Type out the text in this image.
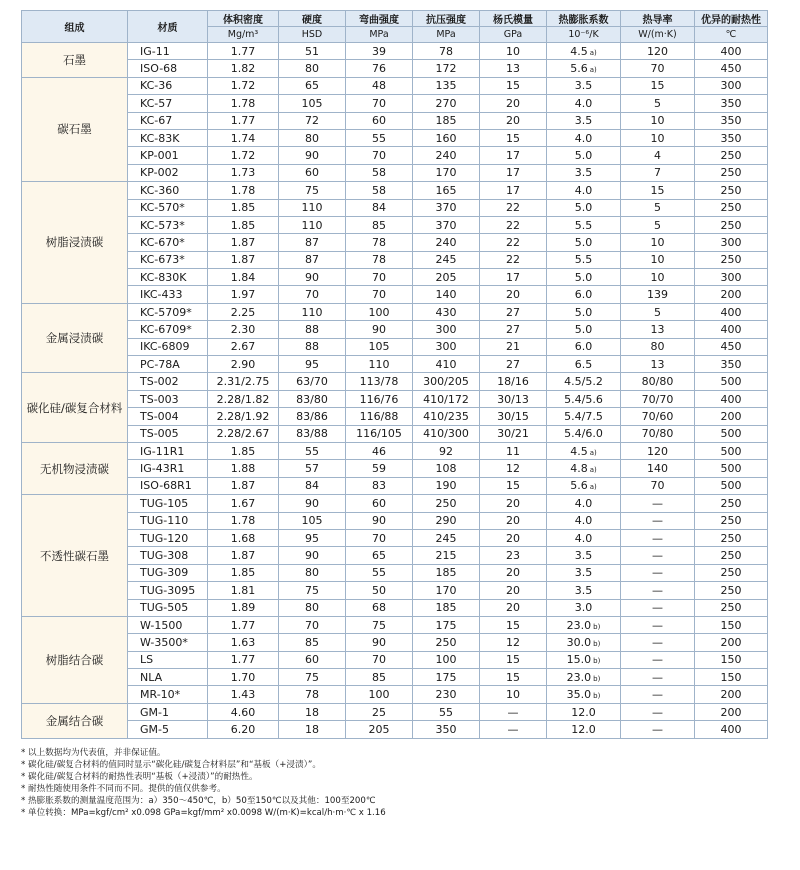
组成	材质	体积密度	硬度	弯曲强度	抗压强度	杨氏模量	热膨胀系数	热导率	优异的耐热性
		Mg/m³	HSD	MPa	MPa	GPa	10⁻⁶/K	W/(m·K)	℃
石墨	IG-11	1.77	51	39	78	10	4.5 a)	120	400
	ISO-68	1.82	80	76	172	13	5.6 a)	70	450
碳石墨	KC-36	1.72	65	48	135	15	3.5	15	300
	KC-57	1.78	105	70	270	20	4.0	5	350
	KC-67	1.77	72	60	185	20	3.5	10	350
	KC-83K	1.74	80	55	160	15	4.0	10	350
	KP-001	1.72	90	70	240	17	5.0	4	250
	KP-002	1.73	60	58	170	17	3.5	7	250
树脂浸渍碳	KC-360	1.78	75	58	165	17	4.0	15	250
	KC-570*	1.85	110	84	370	22	5.0	5	250
	KC-573*	1.85	110	85	370	22	5.5	5	250
	KC-670*	1.87	87	78	240	22	5.0	10	300
	KC-673*	1.87	87	78	245	22	5.5	10	250
	KC-830K	1.84	90	70	205	17	5.0	10	300
	IKC-433	1.97	70	70	140	20	6.0	139	200
金属浸渍碳	KC-5709*	2.25	110	100	430	27	5.0	5	400
	KC-6709*	2.30	88	90	300	27	5.0	13	400
	IKC-6809	2.67	88	105	300	21	6.0	80	450
	PC-78A	2.90	95	110	410	27	6.5	13	350
碳化硅/碳复合材料	TS-002	2.31/2.75	63/70	113/78	300/205	18/16	4.5/5.2	80/80	500
	TS-003	2.28/1.82	83/80	116/76	410/172	30/13	5.4/5.6	70/70	400
	TS-004	2.28/1.92	83/86	116/88	410/235	30/15	5.4/7.5	70/60	200
	TS-005	2.28/2.67	83/88	116/105	410/300	30/21	5.4/6.0	70/80	500
无机物浸渍碳	IG-11R1	1.85	55	46	92	11	4.5 a)	120	500
	IG-43R1	1.88	57	59	108	12	4.8 a)	140	500
	ISO-68R1	1.87	84	83	190	15	5.6 a)	70	500
不透性碳石墨	TUG-105	1.67	90	60	250	20	4.0	—	250
	TUG-110	1.78	105	90	290	20	4.0	—	250
	TUG-120	1.68	95	70	245	20	4.0	—	250
	TUG-308	1.87	90	65	215	23	3.5	—	250
	TUG-309	1.85	80	55	185	20	3.5	—	250
	TUG-3095	1.81	75	50	170	20	3.5	—	250
	TUG-505	1.89	80	68	185	20	3.0	—	250
树脂结合碳	W-1500	1.77	70	75	175	15	23.0 b)	—	150
	W-3500*	1.63	85	90	250	12	30.0 b)	—	200
	LS	1.77	60	70	100	15	15.0 b)	—	150
	NLA	1.70	75	85	175	15	23.0 b)	—	150
	MR-10*	1.43	78	100	230	10	35.0 b)	—	200
金属结合碳	GM-1	4.60	18	25	55	—	12.0	—	200
	GM-5	6.20	18	205	350	—	12.0	—	400
* 以上数据均为代表值，并非保证值。
* 碳化硅/碳复合材料的值同时显示“碳化硅/碳复合材料层”和“基板（+浸渍）”。
* 碳化硅/碳复合材料的耐热性表明“基板（+浸渍）”的耐热性。
* 耐热性随使用条件不同而不同。提供的值仅供参考。
* 热膨胀系数的测量温度范围为：a）350～450℃，b）50至150℃以及其他：100至200℃
* 单位转换：MPa=kgf/cm² x0.098 GPa=kgf/mm² x0.0098 W/(m·K)=kcal/h·m·℃ x 1.16
